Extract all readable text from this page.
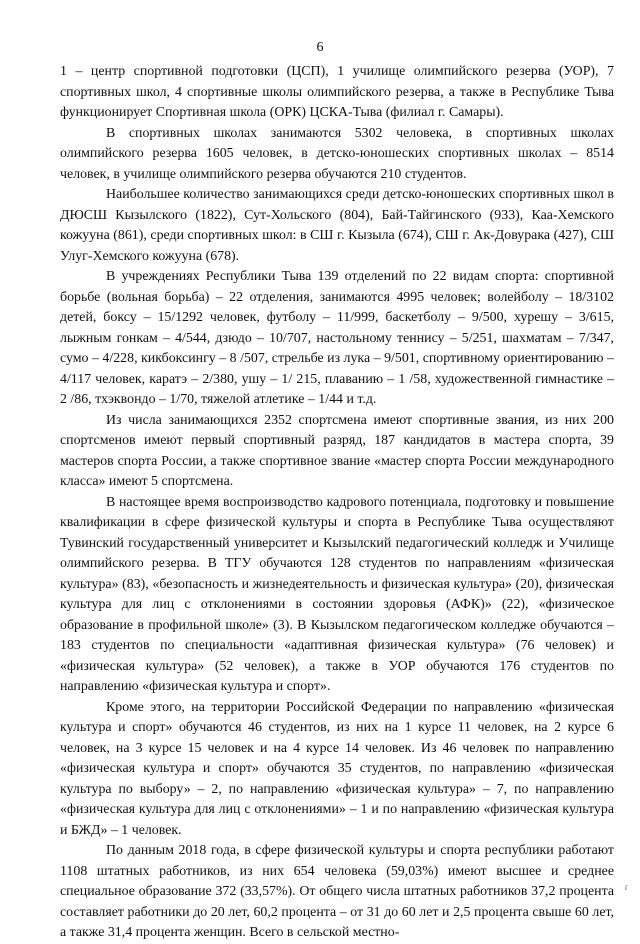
6

1 – центр спортивной подготовки (ЦСП), 1 училище олимпийского резерва (УОР), 7 спортивных школ, 4 спортивные школы олимпийского резерва, а также в Республике Тыва функционирует Спортивная школа (ОРК) ЦСКА-Тыва (филиал г. Самары).

В спортивных школах занимаются 5302 человека, в спортивных школах олимпийского резерва 1605 человек, в детско-юношеских спортивных школах – 8514 человек, в училище олимпийского резерва обучаются 210 студентов.

Наибольшее количество занимающихся среди детско-юношеских спортивных школ в ДЮСШ Кызылского (1822), Сут-Хольского (804), Бай-Тайгинского (933), Каа-Хемского кожууна (861), среди спортивных школ: в СШ г. Кызыла (674), СШ г. Ак-Довурака (427), СШ Улуг-Хемского кожууна (678).

В учреждениях Республики Тыва 139 отделений по 22 видам спорта: спортивной борьбе (вольная борьба) – 22 отделения, занимаются 4995 человек; волейболу – 18/3102 детей, боксу – 15/1292 человек, футболу – 11/999, баскетболу – 9/500, хурешу – 3/615, лыжным гонкам – 4/544, дзюдо – 10/707, настольному теннису – 5/251, шахматам – 7/347, сумо – 4/228, кикбоксингу – 8 /507, стрельбе из лука – 9/501, спортивному ориентированию – 4/117 человек, каратэ – 2/380, ушу – 1/ 215, плаванию – 1 /58, художественной гимнастике – 2 /86, тхэквондо – 1/70, тяжелой атлетике – 1/44 и т.д.

Из числа занимающихся 2352 спортсмена имеют спортивные звания, из них 200 спортсменов имеют первый спортивный разряд, 187 кандидатов в мастера спорта, 39 мастеров спорта России, а также спортивное звание «мастер спорта России международного класса» имеют 5 спортсмена.

В настоящее время воспроизводство кадрового потенциала, подготовку и повышение квалификации в сфере физической культуры и спорта в Республике Тыва осуществляют Тувинский государственный университет и Кызылский педагогический колледж и Училище олимпийского резерва. В ТГУ обучаются 128 студентов по направлениям «физическая культура» (83), «безопасность и жизнедеятельность и физическая культура» (20), физическая культура для лиц с отклонениями в состоянии здоровья (АФК)» (22), «физическое образование в профильной школе» (3). В Кызылском педагогическом колледже обучаются – 183 студентов по специальности «адаптивная физическая культура» (76 человек) и «физическая культура» (52 человек), а также в УОР обучаются 176 студентов по направлению «физическая культура и спорт».

Кроме этого, на территории Российской Федерации по направлению «физическая культура и спорт» обучаются 46 студентов, из них на 1 курсе 11 человек, на 2 курсе 6 человек, на 3 курсе 15 человек и на 4 курсе 14 человек. Из 46 человек по направлению «физическая культура и спорт» обучаются 35 студентов, по направлению «физическая культура по выбору» – 2, по направлению «физическая культура» – 7, по направлению «физическая культура для лиц с отклонениями» – 1 и по направлению «физическая культура и БЖД» – 1 человек.

По данным 2018 года, в сфере физической культуры и спорта республики работают 1108 штатных работников, из них 654 человека (59,03%) имеют высшее и среднее специальное образование 372 (33,57%). От общего числа штатных работников 37,2 процента составляет работники до 20 лет, 60,2 процента – от 31 до 60 лет и 2,5 процента свыше 60 лет, а также 31,4 процента женщин. Всего в сельской местно-

ɾ
